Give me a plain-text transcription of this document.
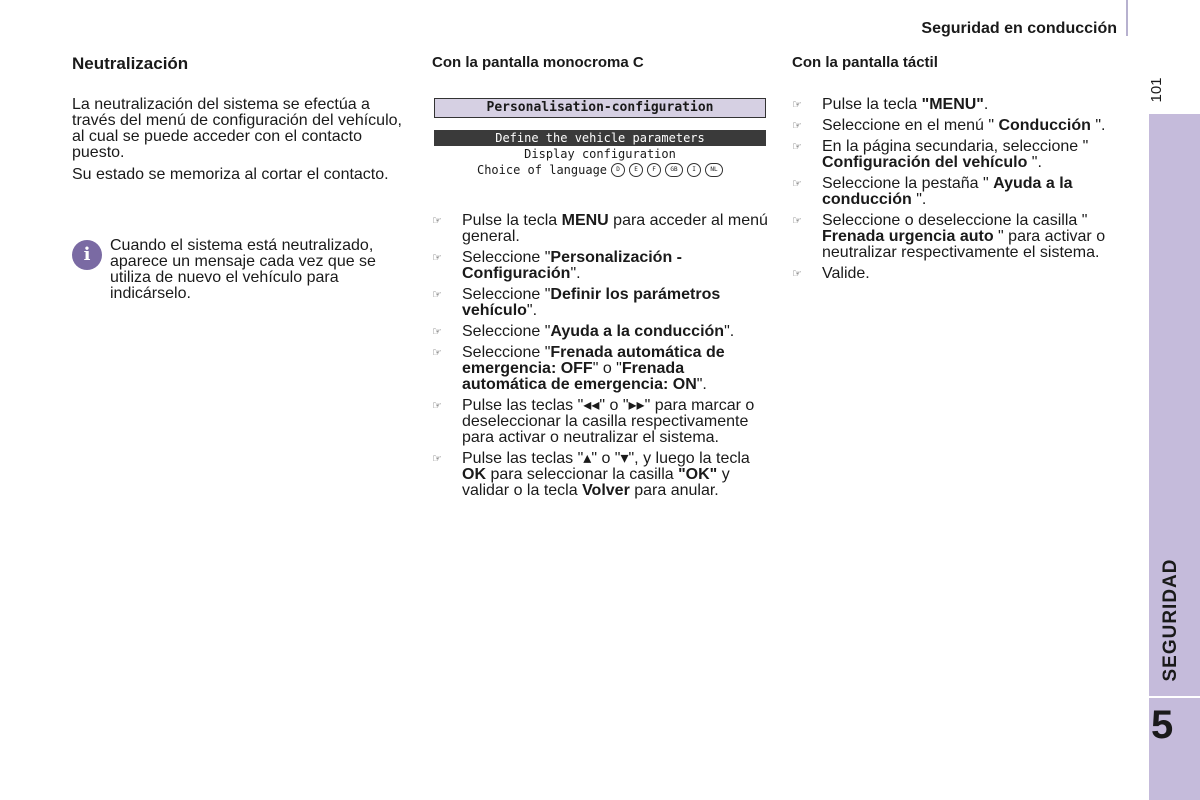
Seguridad en conducción
101
SEGURIDAD
5
Neutralización

La neutralización del sistema se efectúa a través del menú de configuración del vehículo, al cual se puede acceder con el contacto puesto.

Su estado se memoriza al cortar el contacto.

i	Cuando el sistema está neutralizado, aparece un mensaje cada vez que se utiliza de nuevo el vehículo para indicárselo.
Con la pantalla monocroma C
Personalisation-configuration
Define the vehicle parameters
Display configuration
Choice of language	D	E	F	GB	I	NL
☞ Pulse la tecla MENU para acceder al menú general.
☞ Seleccione "Personalización - Configuración".
☞ Seleccione "Definir los parámetros vehículo".
☞ Seleccione "Ayuda a la conducción".
☞ Seleccione "Frenada automática de emergencia: OFF" o "Frenada automática de emergencia: ON".
☞ Pulse las teclas "◂◂" o "▸▸" para marcar o deseleccionar la casilla respectivamente para activar o neutralizar el sistema.
☞ Pulse las teclas "▴" o "▾", y luego la tecla OK para seleccionar la casilla "OK" y validar o la tecla Volver para anular.
Con la pantalla táctil
☞ Pulse la tecla "MENU".
☞ Seleccione en el menú " Conducción ".
☞ En la página secundaria, seleccione " Configuración del vehículo ".
☞ Seleccione la pestaña " Ayuda a la conducción ".
☞ Seleccione o deseleccione la casilla " Frenada urgencia auto " para activar o neutralizar respectivamente el sistema.
☞ Valide.
